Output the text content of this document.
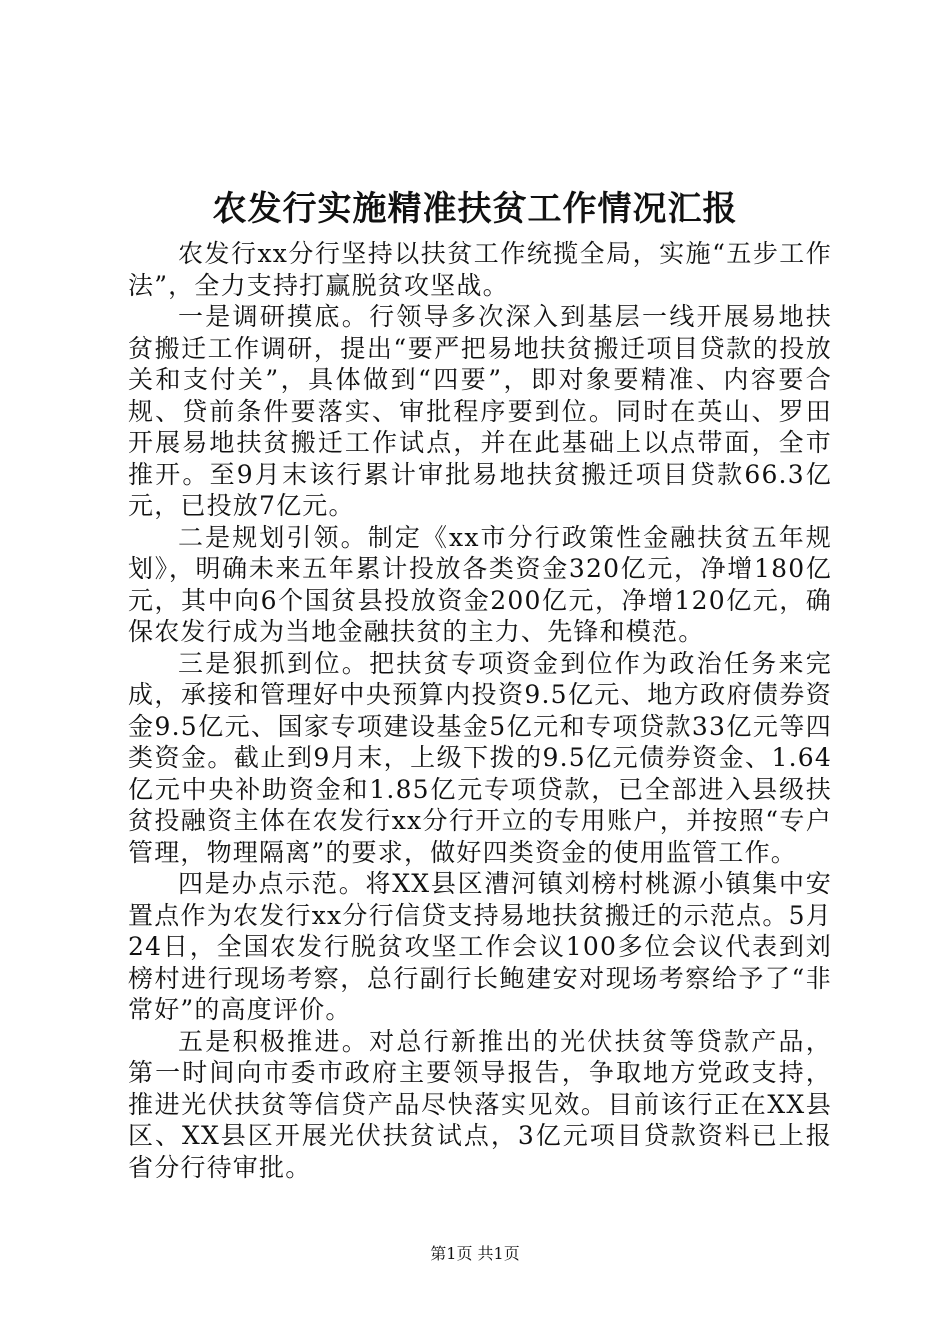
农发行实施精准扶贫工作情况汇报

农发行xx分行坚持以扶贫工作统揽全局，实施“五步工作法”，全力支持打赢脱贫攻坚战。

一是调研摸底。行领导多次深入到基层一线开展易地扶贫搬迁工作调研，提出“要严把易地扶贫搬迁项目贷款的投放关和支付关”，具体做到“四要”，即对象要精准、内容要合规、贷前条件要落实、审批程序要到位。同时在英山、罗田开展易地扶贫搬迁工作试点，并在此基础上以点带面，全市推开。至9月末该行累计审批易地扶贫搬迁项目贷款66.3亿元，已投放7亿元。

二是规划引领。制定《xx市分行政策性金融扶贫五年规划》，明确未来五年累计投放各类资金320亿元，净增180亿元，其中向6个国贫县投放资金200亿元，净增120亿元，确保农发行成为当地金融扶贫的主力、先锋和模范。

三是狠抓到位。把扶贫专项资金到位作为政治任务来完成，承接和管理好中央预算内投资9.5亿元、地方政府债券资金9.5亿元、国家专项建设基金5亿元和专项贷款33亿元等四类资金。截止到9月末，上级下拨的9.5亿元债券资金、1.64亿元中央补助资金和1.85亿元专项贷款，已全部进入县级扶贫投融资主体在农发行xx分行开立的专用账户，并按照“专户管理，物理隔离”的要求，做好四类资金的使用监管工作。

四是办点示范。将XX县区漕河镇刘榜村桃源小镇集中安置点作为农发行xx分行信贷支持易地扶贫搬迁的示范点。5月24日，全国农发行脱贫攻坚工作会议100多位会议代表到刘榜村进行现场考察，总行副行长鲍建安对现场考察给予了“非常好”的高度评价。

五是积极推进。对总行新推出的光伏扶贫等贷款产品，第一时间向市委市政府主要领导报告，争取地方党政支持，推进光伏扶贫等信贷产品尽快落实见效。目前该行正在XX县区、XX县区开展光伏扶贫试点，3亿元项目贷款资料已上报省分行待审批。

第1页 共1页
